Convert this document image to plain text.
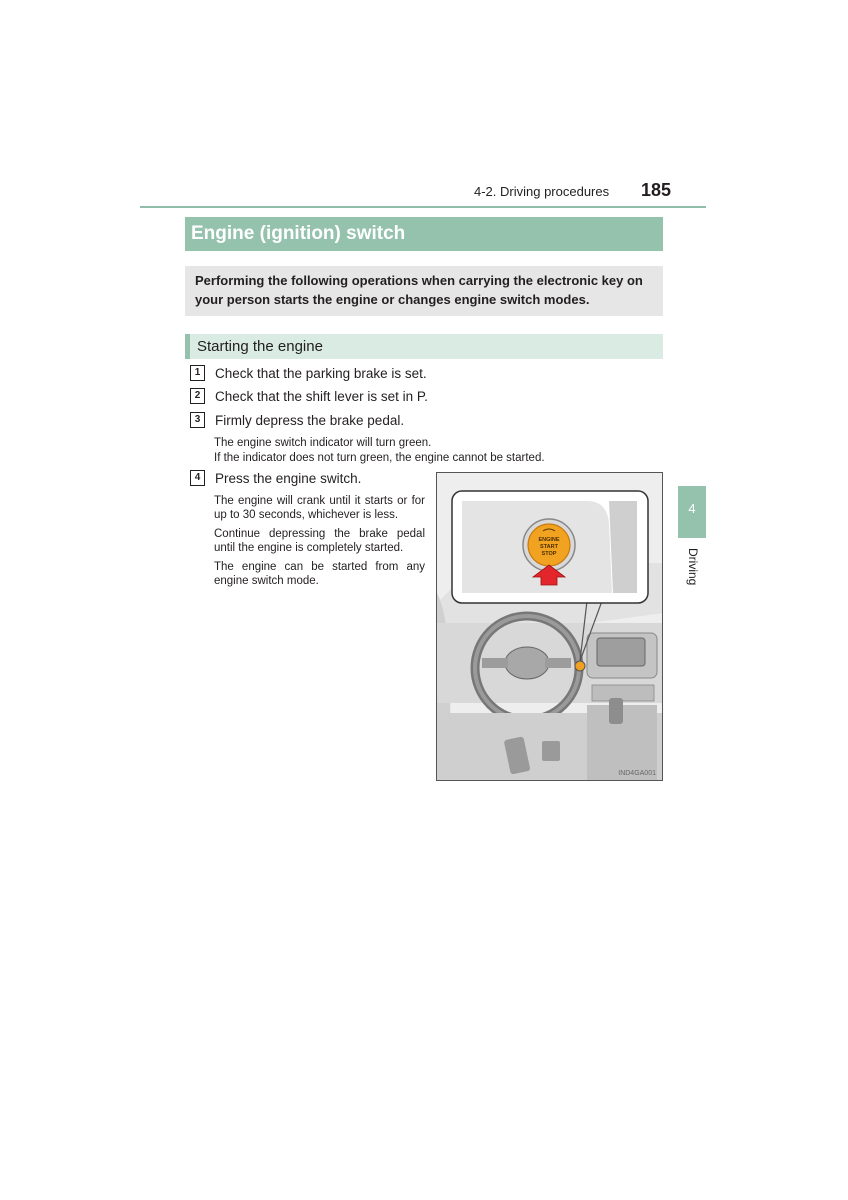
4-2. Driving procedures 185
Engine (ignition) switch
Performing the following operations when carrying the electronic key on your person starts the engine or changes engine switch modes.
Starting the engine
1	Check that the parking brake is set.
2	Check that the shift lever is set in P.
3	Firmly depress the brake pedal.
The engine switch indicator will turn green.
If the indicator does not turn green, the engine cannot be started.
4	Press the engine switch.
The engine will crank until it starts or for up to 30 seconds, whichever is less.
Continue depressing the brake pedal until the engine is completely started.
The engine can be started from any engine switch mode.
ENGINE
START
STOP
IND4GA001
4
Driving
